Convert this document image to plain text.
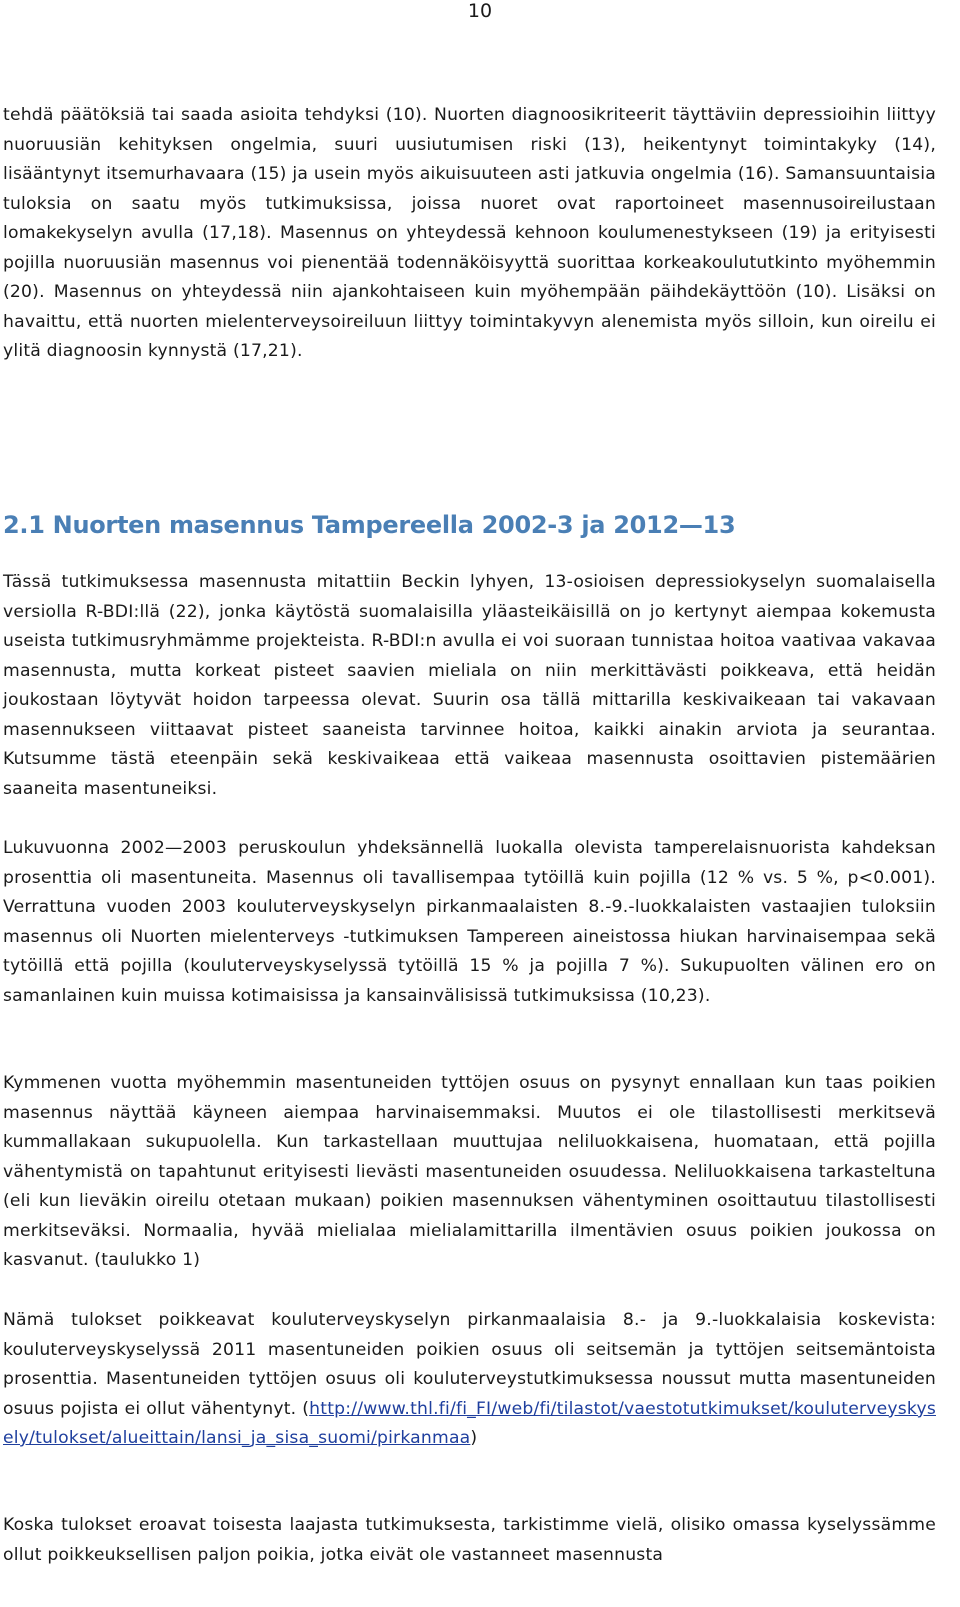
10

tehdä päätöksiä tai saada asioita tehdyksi (10). Nuorten diagnoosikriteerit täyttäviin depressioihin liittyy nuoruusiän kehityksen ongelmia, suuri uusiutumisen riski (13), heikentynyt toimintakyky (14), lisääntynyt itsemurhavaara (15) ja usein myös aikuisuuteen asti jatkuvia ongelmia (16). Samansuuntaisia tuloksia on saatu myös tutkimuksissa, joissa nuoret ovat raportoineet masennusoireilustaan lomakekyselyn avulla (17,18). Masennus on yhteydessä kehnoon koulumenestykseen (19) ja erityisesti pojilla nuoruusiän masennus voi pienentää todennäköisyyttä suorittaa korkeakoulututkinto myöhemmin (20). Masennus on yhteydessä niin ajankohtaiseen kuin myöhempään päihdekäyttöön (10). Lisäksi on havaittu, että nuorten mielenterveysoireiluun liittyy toimintakyvyn alenemista myös silloin, kun oireilu ei ylitä diagnoosin kynnystä (17,21).

2.1 Nuorten masennus Tampereella 2002-3 ja 2012—13

Tässä tutkimuksessa masennusta mitattiin Beckin lyhyen, 13-osioisen depressiokyselyn suomalaisella versiolla R-BDI:llä (22), jonka käytöstä suomalaisilla yläasteikäisillä on jo kertynyt aiempaa kokemusta useista tutkimusryhmämme projekteista. R-BDI:n avulla ei voi suoraan tunnistaa hoitoa vaativaa vakavaa masennusta, mutta korkeat pisteet saavien mieliala on niin merkittävästi poikkeava, että heidän joukostaan löytyvät hoidon tarpeessa olevat. Suurin osa tällä mittarilla keskivaikeaan tai vakavaan masennukseen viittaavat pisteet saaneista tarvinnee hoitoa, kaikki ainakin arviota ja seurantaa. Kutsumme tästä eteenpäin sekä keskivaikeaa että vaikeaa masennusta osoittavien pistemäärien saaneita masentuneiksi.

Lukuvuonna 2002—2003 peruskoulun yhdeksännellä luokalla olevista tamperelaisnuorista kahdeksan prosenttia oli masentuneita. Masennus oli tavallisempaa tytöillä kuin pojilla (12 % vs. 5 %, p<0.001). Verrattuna vuoden 2003 kouluterveyskyselyn pirkanmaalaisten 8.-9.-luokkalaisten vastaajien tuloksiin masennus oli Nuorten mielenterveys -tutkimuksen Tampereen aineistossa hiukan harvinaisempaa sekä tytöillä että pojilla (kouluterveyskyselyssä tytöillä 15 % ja pojilla 7 %). Sukupuolten välinen ero on samanlainen kuin muissa kotimaisissa ja kansainvälisissä tutkimuksissa (10,23).

Kymmenen vuotta myöhemmin masentuneiden tyttöjen osuus on pysynyt ennallaan kun taas poikien masennus näyttää käyneen aiempaa harvinaisemmaksi. Muutos ei ole tilastollisesti merkitsevä kummallakaan sukupuolella. Kun tarkastellaan muuttujaa neliluokkaisena, huomataan, että pojilla vähentymistä on tapahtunut erityisesti lievästi masentuneiden osuudessa. Neliluokkaisena tarkasteltuna (eli kun lieväkin oireilu otetaan mukaan) poikien masennuksen vähentyminen osoittautuu tilastollisesti merkitseväksi. Normaalia, hyvää mielialaa mielialamittarilla ilmentävien osuus poikien joukossa on kasvanut. (taulukko 1)

Nämä tulokset poikkeavat kouluterveyskyselyn pirkanmaalaisia 8.- ja 9.-luokkalaisia koskevista: kouluterveyskyselyssä 2011 masentuneiden poikien osuus oli seitsemän ja tyttöjen seitsemäntoista prosenttia. Masentuneiden tyttöjen osuus oli kouluterveystutkimuksessa noussut mutta masentuneiden osuus pojista ei ollut vähentynyt. (http://www.thl.fi/fi_FI/web/fi/tilastot/vaestotutkimukset/kouluterveyskysely/tulokset/alueittain/lansi_ja_sisa_suomi/pirkanmaa)

Koska tulokset eroavat toisesta laajasta tutkimuksesta, tarkistimme vielä, olisiko omassa kyselyssämme ollut poikkeuksellisen paljon poikia, jotka eivät ole vastanneet masennusta
